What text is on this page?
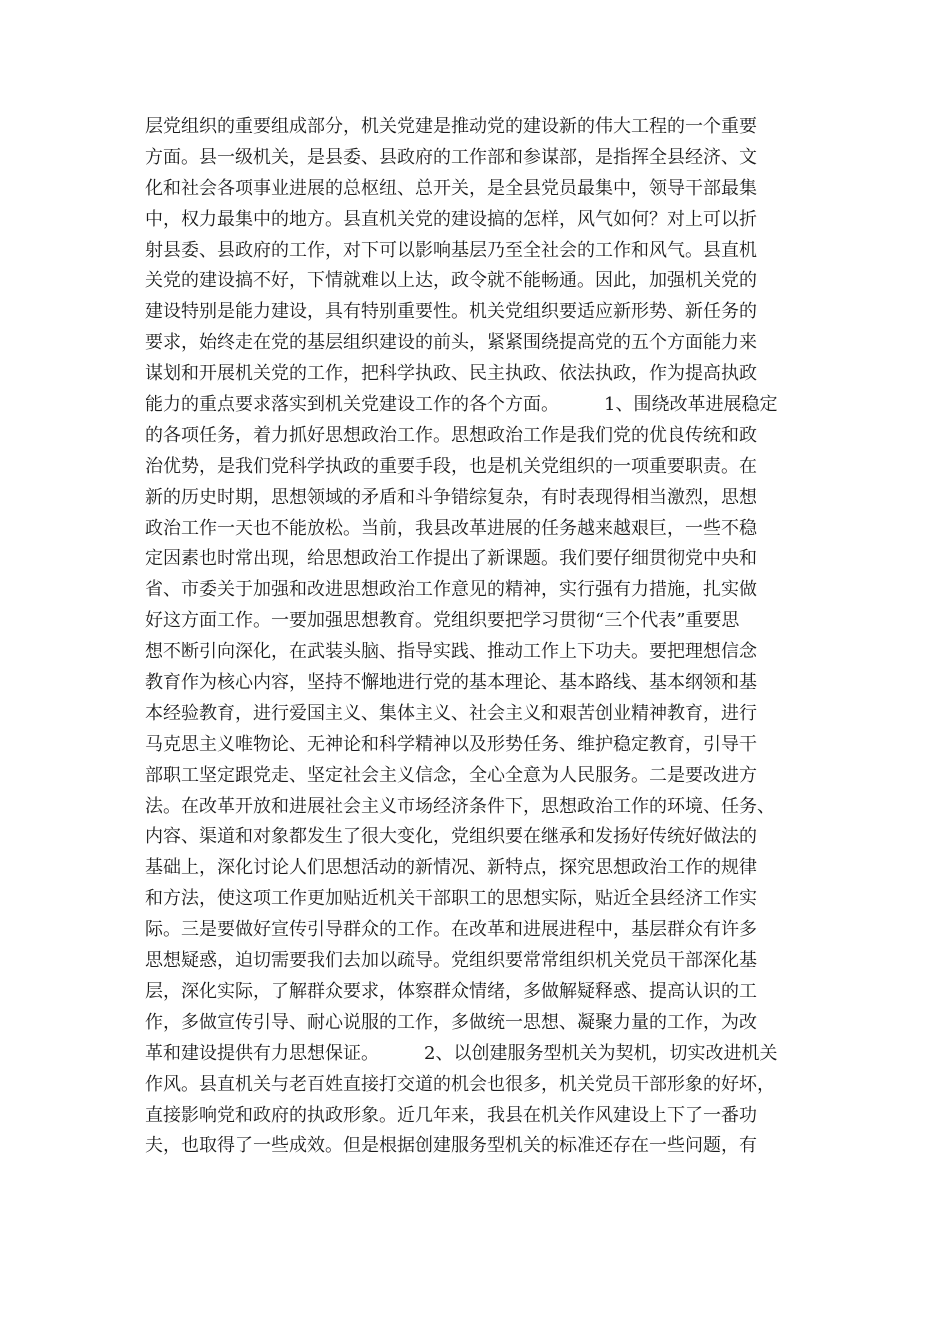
层党组织的重要组成部分，机关党建是推动党的建设新的伟大工程的一个重要
方面。县一级机关，是县委、县政府的工作部和参谋部，是指挥全县经济、文
化和社会各项事业进展的总枢纽、总开关，是全县党员最集中，领导干部最集
中，权力最集中的地方。县直机关党的建设搞的怎样，风气如何？对上可以折
射县委、县政府的工作，对下可以影响基层乃至全社会的工作和风气。县直机
关党的建设搞不好，下情就难以上达，政令就不能畅通。因此，加强机关党的
建设特别是能力建设，具有特别重要性。机关党组织要适应新形势、新任务的
要求，始终走在党的基层组织建设的前头，紧紧围绕提高党的五个方面能力来
谋划和开展机关党的工作，把科学执政、民主执政、依法执政，作为提高执政
能力的重点要求落实到机关党建设工作的各个方面。　　　1、围绕改革进展稳定
的各项任务，着力抓好思想政治工作。思想政治工作是我们党的优良传统和政
治优势，是我们党科学执政的重要手段，也是机关党组织的一项重要职责。在
新的历史时期，思想领域的矛盾和斗争错综复杂，有时表现得相当激烈，思想
政治工作一天也不能放松。当前，我县改革进展的任务越来越艰巨，一些不稳
定因素也时常出现，给思想政治工作提出了新课题。我们要仔细贯彻党中央和
省、市委关于加强和改进思想政治工作意见的精神，实行强有力措施，扎实做
好这方面工作。一要加强思想教育。党组织要把学习贯彻“三个代表”重要思
想不断引向深化，在武装头脑、指导实践、推动工作上下功夫。要把理想信念
教育作为核心内容，坚持不懈地进行党的基本理论、基本路线、基本纲领和基
本经验教育，进行爱国主义、集体主义、社会主义和艰苦创业精神教育，进行
马克思主义唯物论、无神论和科学精神以及形势任务、维护稳定教育，引导干
部职工坚定跟党走、坚定社会主义信念，全心全意为人民服务。二是要改进方
法。在改革开放和进展社会主义市场经济条件下，思想政治工作的环境、任务、
内容、渠道和对象都发生了很大变化，党组织要在继承和发扬好传统好做法的
基础上，深化讨论人们思想活动的新情况、新特点，探究思想政治工作的规律
和方法，使这项工作更加贴近机关干部职工的思想实际，贴近全县经济工作实
际。三是要做好宣传引导群众的工作。在改革和进展进程中，基层群众有许多
思想疑惑，迫切需要我们去加以疏导。党组织要常常组织机关党员干部深化基
层，深化实际，了解群众要求，体察群众情绪，多做解疑释惑、提高认识的工
作，多做宣传引导、耐心说服的工作，多做统一思想、凝聚力量的工作，为改
革和建设提供有力思想保证。　　　2、以创建服务型机关为契机，切实改进机关
作风。县直机关与老百姓直接打交道的机会也很多，机关党员干部形象的好坏，
直接影响党和政府的执政形象。近几年来，我县在机关作风建设上下了一番功
夫，也取得了一些成效。但是根据创建服务型机关的标准还存在一些问题，有
